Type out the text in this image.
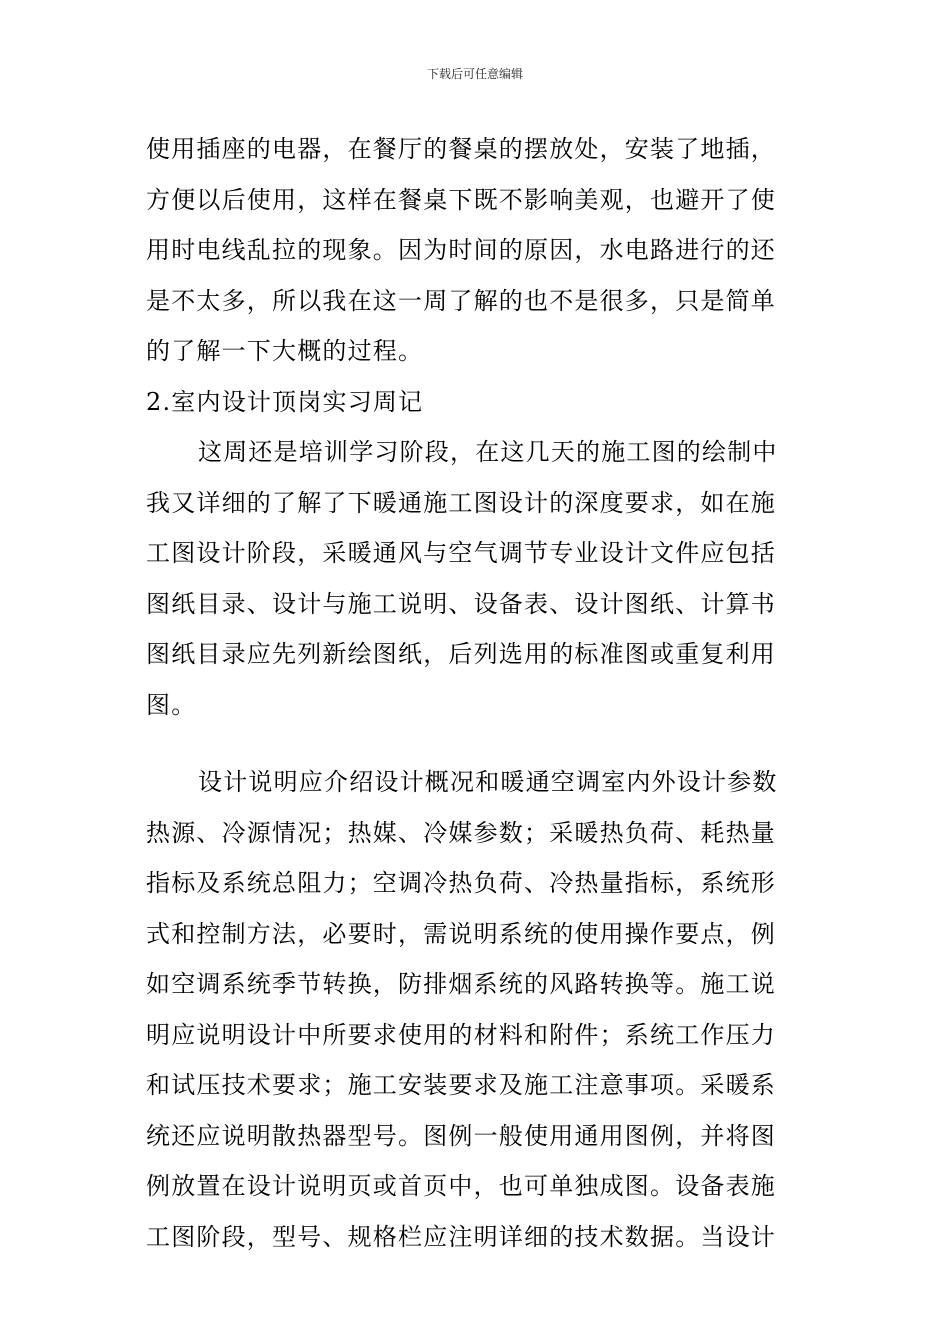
下载后可任意编辑
使用插座的电器，在餐厅的餐桌的摆放处，安装了地插，
方便以后使用，这样在餐桌下既不影响美观，也避开了使
用时电线乱拉的现象。因为时间的原因，水电路进行的还
是不太多，所以我在这一周了解的也不是很多，只是简单
的了解一下大概的过程。
2.室内设计顶岗实习周记
这周还是培训学习阶段，在这几天的施工图的绘制中
我又详细的了解了下暖通施工图设计的深度要求，如在施
工图设计阶段，采暖通风与空气调节专业设计文件应包括
图纸目录、设计与施工说明、设备表、设计图纸、计算书
图纸目录应先列新绘图纸，后列选用的标准图或重复利用
图。
设计说明应介绍设计概况和暖通空调室内外设计参数
热源、冷源情况；热媒、冷媒参数；采暖热负荷、耗热量
指标及系统总阻力；空调冷热负荷、冷热量指标，系统形
式和控制方法，必要时，需说明系统的使用操作要点，例
如空调系统季节转换，防排烟系统的风路转换等。施工说
明应说明设计中所要求使用的材料和附件；系统工作压力
和试压技术要求；施工安装要求及施工注意事项。采暖系
统还应说明散热器型号。图例一般使用通用图例，并将图
例放置在设计说明页或首页中，也可单独成图。设备表施
工图阶段，型号、规格栏应注明详细的技术数据。当设计
